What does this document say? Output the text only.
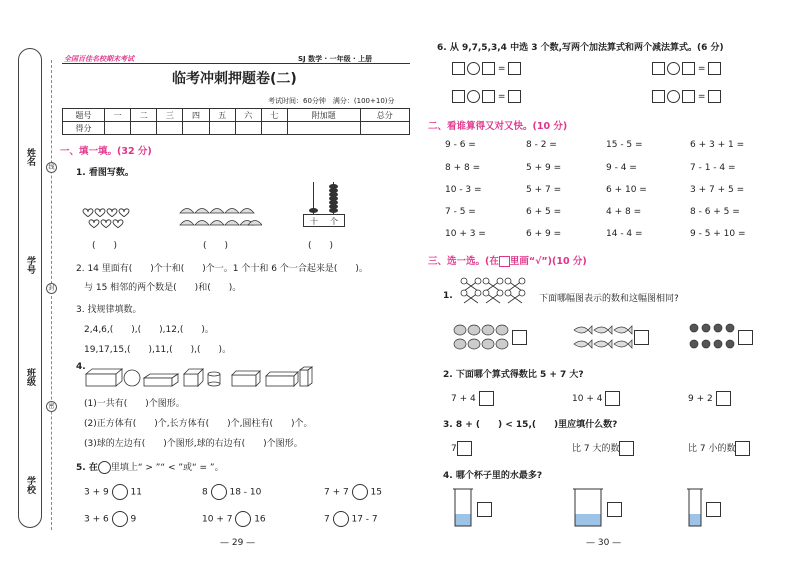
姓名
学号
班级
学校
线
封
密
全国百佳名校期末考试	SJ 数学 · 一年级 · 上册
临考冲刺押题卷(二)
考试时间：60分钟　满分：(100+10)分
题号	一	二	三	四	五	六	七	附加题	总分
得分									
一、填一填。(32 分)
1. 看图写数。
十 个
(　　)	(　　)	(　　)
2. 14 里面有(　　)个十和(　　)个一。1 个十和 6 个一合起来是(　　)。
与 15 相邻的两个数是(　　)和(　　)。
3. 找规律填数。
2,4,6,(　　),(　　),12,(　　)。
19,17,15,(　　),11,(　　),(　　)。
4.
(1)一共有(　　)个图形。
(2)正方体有(　　)个,长方体有(　　)个,圆柱有(　　)个。
(3)球的左边有(　　)个图形,球的右边有(　　)个图形。
5. 在 里填上“ > ”“ < ”或“ = ”。
3 + 9 11	8 18 - 10	7 + 7 15
3 + 6 9	10 + 7 16	7 17 - 7
— 29 —
6. 从 9,7,5,3,4 中选 3 个数,写两个加法算式和两个减法算式。(6 分)
=	=
=	=
二、看谁算得又对又快。(10 分)
9 - 6 =	8 - 2 =	15 - 5 =	6 + 3 + 1 =
8 + 8 =	5 + 9 =	9 - 4 =	7 - 1 - 4 =
10 - 3 =	5 + 7 =	6 + 10 =	3 + 7 + 5 =
7 - 5 =	6 + 5 =	4 + 8 =	8 - 6 + 5 =
10 + 3 =	6 + 9 =	14 - 4 =	9 - 5 + 10 =
三、选一选。(在 里画“√”)(10 分)
1.	下面哪幅图表示的数和这幅图相同?
2. 下面哪个算式得数比 5 + 7 大?
7 + 4	10 + 4	9 + 2
3. 8 + (　　) < 15,(　　)里应填什么数?
7	比 7 大的数	比 7 小的数
4. 哪个杯子里的水最多?
— 30 —
